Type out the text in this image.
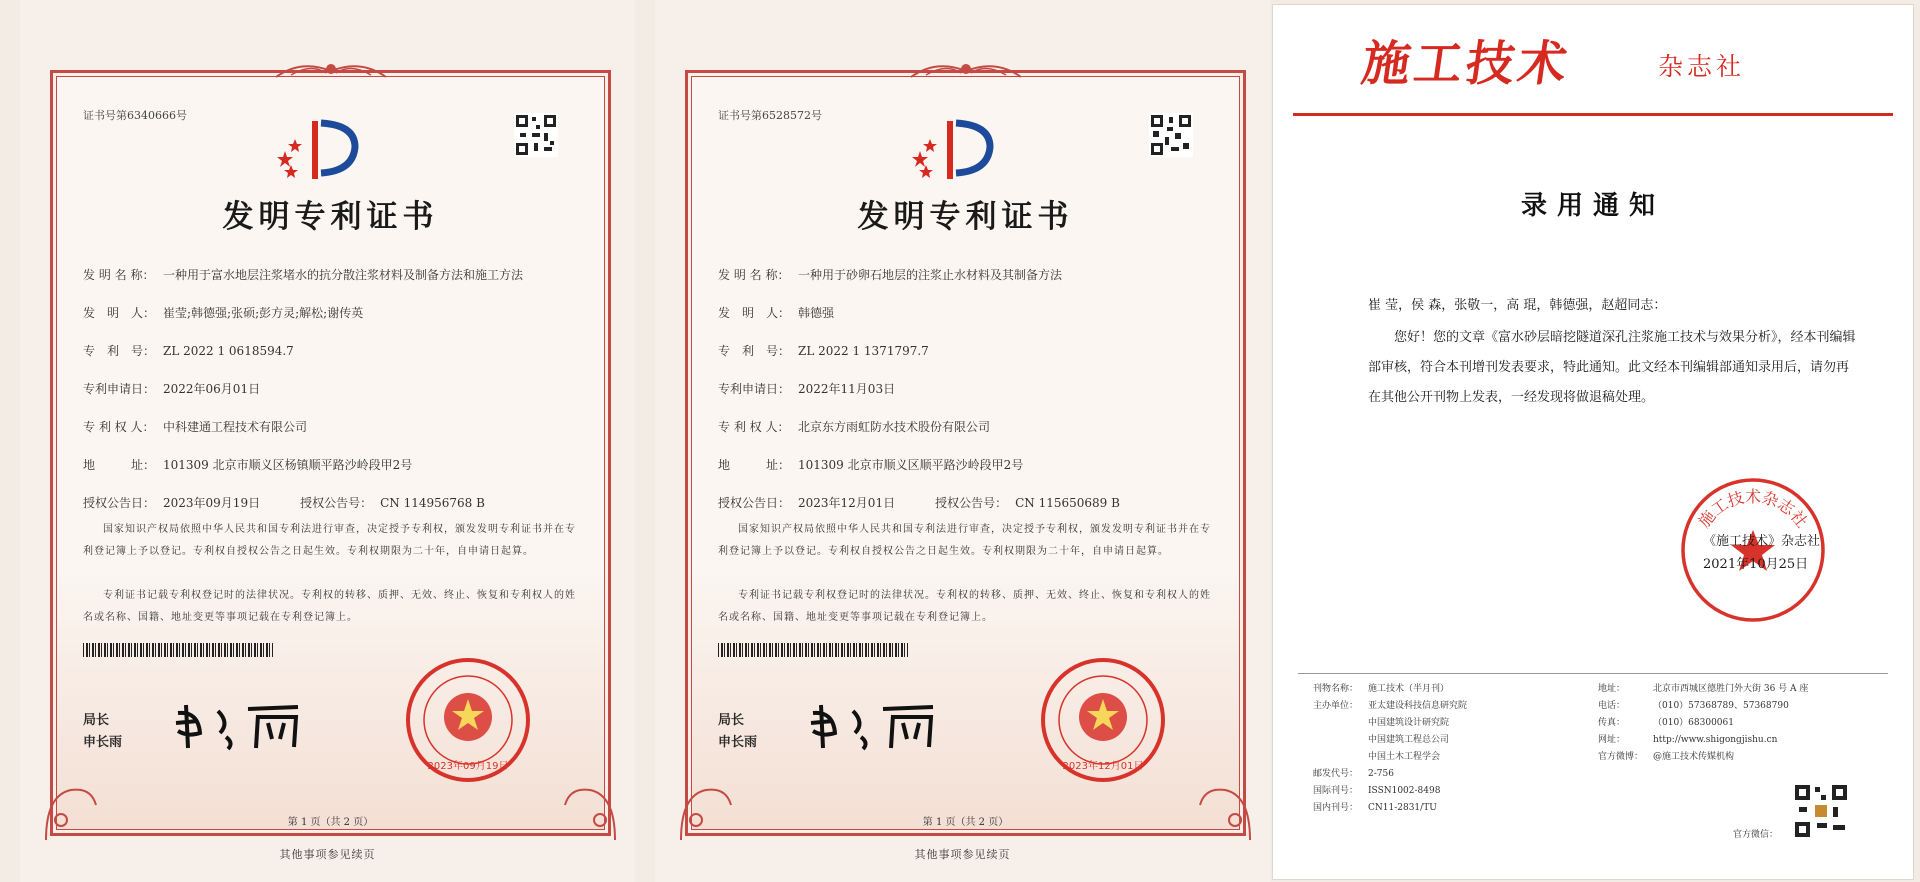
证书号第6340666号
发明专利证书
发 明 名 称： 一种用于富水地层注浆堵水的抗分散注浆材料及制备方法和施工方法
发　明　人： 崔莹;韩德强;张硕;彭方灵;解松;谢传英
专　利　号： ZL 2022 1 0618594.7
专利申请日： 2022年06月01日
专 利 权 人： 中科建通工程技术有限公司
地　　　址： 101309 北京市顺义区杨镇顺平路沙岭段甲2号
授权公告日： 2023年09月19日	授权公告号： CN 114956768 B
国家知识产权局依照中华人民共和国专利法进行审查，决定授予专利权，颁发发明专利证书并在专利登记簿上予以登记。专利权自授权公告之日起生效。专利权期限为二十年，自申请日起算。
专利证书记载专利权登记时的法律状况。专利权的转移、质押、无效、终止、恢复和专利权人的姓名或名称、国籍、地址变更等事项记载在专利登记簿上。
局长
申长雨
2023年09月19日
第 1 页（共 2 页）
其他事项参见续页
证书号第6528572号
发明专利证书
发 明 名 称： 一种用于砂卵石地层的注浆止水材料及其制备方法
发　明　人： 韩德强
专　利　号： ZL 2022 1 1371797.7
专利申请日： 2022年11月03日
专 利 权 人： 北京东方雨虹防水技术股份有限公司
地　　　址： 101309 北京市顺义区顺平路沙岭段甲2号
授权公告日： 2023年12月01日	授权公告号： CN 115650689 B
国家知识产权局依照中华人民共和国专利法进行审查，决定授予专利权，颁发发明专利证书并在专利登记簿上予以登记。专利权自授权公告之日起生效。专利权期限为二十年，自申请日起算。
专利证书记载专利权登记时的法律状况。专利权的转移、质押、无效、终止、恢复和专利权人的姓名或名称、国籍、地址变更等事项记载在专利登记簿上。
局长
申长雨
2023年12月01日
第 1 页（共 2 页）
其他事项参见续页
施工技术	杂志社
录用通知

崔 莹，侯 森，张敬一，高 琨，韩德强，赵超同志：

您好！您的文章《富水砂层暗挖隧道深孔注浆施工技术与效果分析》，经本刊编辑部审核，符合本刊增刊发表要求，特此通知。此文经本刊编辑部通知录用后，请勿再在其他公开刊物上发表，一经发现将做退稿处理。

施工技术杂志社
《施工技术》杂志社
2021年10月25日
刊物名称： 施工技术（半月刊）
主办单位： 亚太建设科技信息研究院
中国建筑设计研究院
中国建筑工程总公司
中国土木工程学会
邮发代号： 2-756
国际刊号： ISSN1002-8498
国内刊号： CN11-2831/TU
地址：	北京市西城区德胜门外大街 36 号 A 座
电话：	（010）57368789、57368790
传真：	（010）68300061
网址：	http://www.shigongjishu.cn
官方微博： @施工技术传媒机构
官方微信：
